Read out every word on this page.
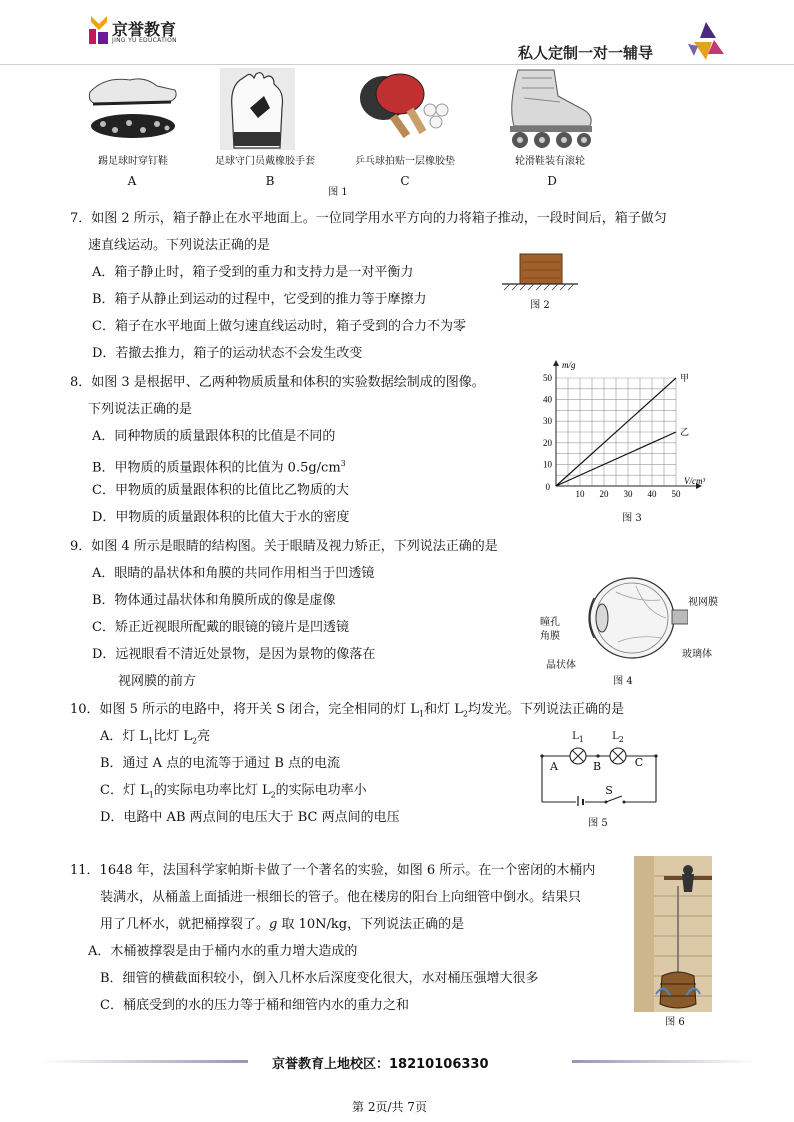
京誉教育
JING YU EDUCATION
私人定制一对一辅导
踢足球时穿钉鞋	足球守门员戴橡胶手套	乒乓球拍贴一层橡胶垫	轮滑鞋装有滚轮
A	B	C	D
图 1
7．如图 2 所示，箱子静止在水平地面上。一位同学用水平方向的力将箱子推动，一段时间后，箱子做匀
速直线运动。下列说法正确的是
A．箱子静止时，箱子受到的重力和支持力是一对平衡力
B．箱子从静止到运动的过程中，它受到的推力等于摩擦力
C．箱子在水平地面上做匀速直线运动时，箱子受到的合力不为零
D．若撤去推力，箱子的运动状态不会发生改变
图 2
8．如图 3 是根据甲、乙两种物质质量和体积的实验数据绘制成的图像。
下列说法正确的是
A．同种物质的质量跟体积的比值是不同的
B．甲物质的质量跟体积的比值为 $0.5g/cm^3$
C．甲物质的质量跟体积的比值比乙物质的大
D．甲物质的质量跟体积的比值大于水的密度
10 20 30 40 50
10
20
30
40
50
0
m/g
V/cm³
甲
乙
图 3
9．如图 4 所示是眼睛的结构图。关于眼睛及视力矫正，下列说法正确的是
A．眼睛的晶状体和角膜的共同作用相当于凹透镜
B．物体通过晶状体和角膜所成的像是虚像
C．矫正近视眼所配戴的眼镜的镜片是凹透镜
D．远视眼看不清近处景物，是因为景物的像落在
视网膜的前方
视网膜
瞳孔
角膜
玻璃体
晶状体
图 4
10．如图 5 所示的电路中，将开关 S 闭合，完全相同的灯 $L_1$和灯 $L_2$均发光。下列说法正确的是
A．灯 $L_1$比灯 $L_2$亮
B．通过 A 点的电流等于通过 B 点的电流
C．灯 $L_1$的实际电功率比灯 $L_2$的实际电功率小
D．电路中 AB 两点间的电压大于 BC 两点间的电压
$L_1$	$L_2$
A	B	C
S
图 5
11．1648 年，法国科学家帕斯卡做了一个著名的实验，如图 6 所示。在一个密闭的木桶内
装满水，从桶盖上面插进一根细长的管子。他在楼房的阳台上向细管中倒水。结果只
用了几杯水，就把桶撑裂了。g 取 10N/kg，下列说法正确的是
A．木桶被撑裂是由于桶内水的重力增大造成的
B．细管的横截面积较小，倒入几杯水后深度变化很大，水对桶压强增大很多
C．桶底受到的水的压力等于桶和细管内水的重力之和
图 6
京誉教育上地校区：18210106330
第 2页/共 7页
